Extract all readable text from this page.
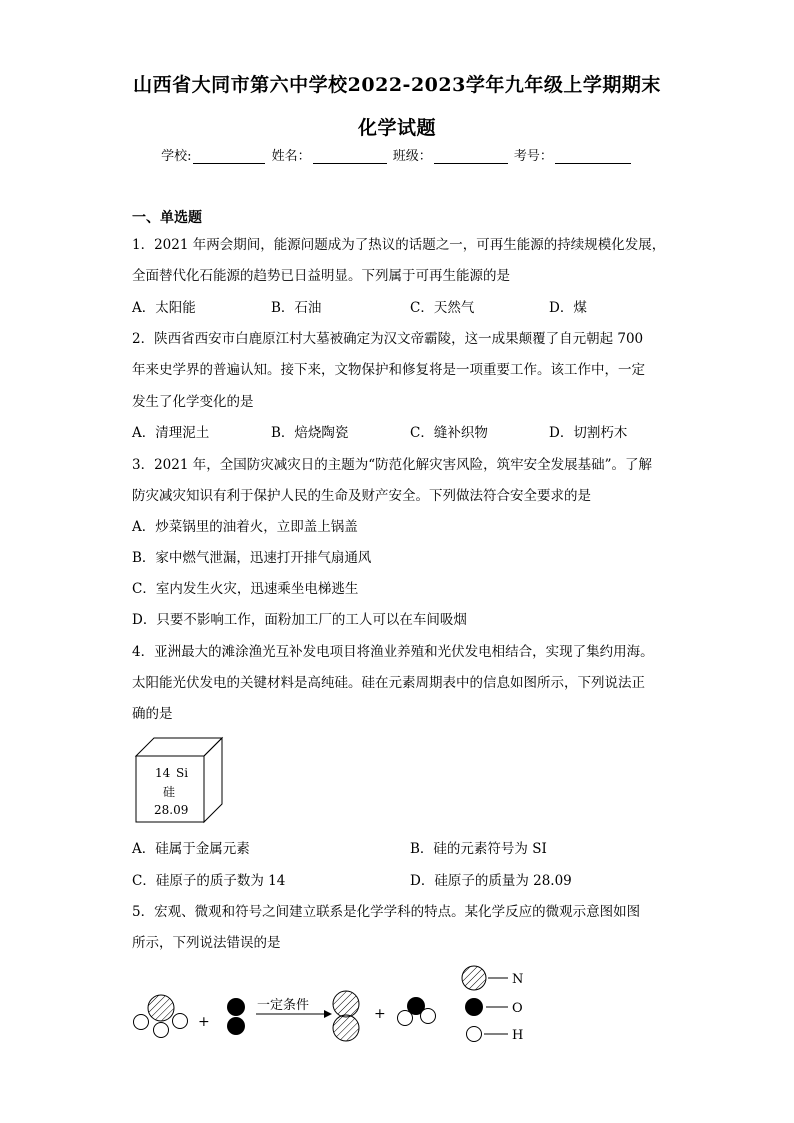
山西省大同市第六中学校2022-2023学年九年级上学期期末
化学试题
学校:	姓名：	班级：	考号：
一、单选题
1．2021 年两会期间，能源问题成为了热议的话题之一，可再生能源的持续规模化发展，
全面替代化石能源的趋势已日益明显。下列属于可再生能源的是
A．太阳能	B．石油	C．天然气	D．煤
2．陕西省西安市白鹿原江村大墓被确定为汉文帝霸陵，这一成果颠覆了自元朝起 700
年来史学界的普遍认知。接下来，文物保护和修复将是一项重要工作。该工作中，一定
发生了化学变化的是
A．清理泥土	B．焙烧陶瓷	C．缝补织物	D．切割朽木
3．2021 年，全国防灾减灾日的主题为“防范化解灾害风险，筑牢安全发展基础”。了解
防灾减灾知识有利于保护人民的生命及财产安全。下列做法符合安全要求的是
A．炒菜锅里的油着火，立即盖上锅盖
B．家中燃气泄漏，迅速打开排气扇通风
C．室内发生火灾，迅速乘坐电梯逃生
D．只要不影响工作，面粉加工厂的工人可以在车间吸烟
4．亚洲最大的滩涂渔光互补发电项目将渔业养殖和光伏发电相结合，实现了集约用海。
太阳能光伏发电的关键材料是高纯硅。硅在元素周期表中的信息如图所示，下列说法正
确的是
14 Si
硅
28.09
A．硅属于金属元素	B．硅的元素符号为 SI
C．硅原子的质子数为 14	D．硅原子的质量为 28.09
5．宏观、微观和符号之间建立联系是化学学科的特点。某化学反应的微观示意图如图
所示，下列说法错误的是
+
一定条件
+
N
O
H
